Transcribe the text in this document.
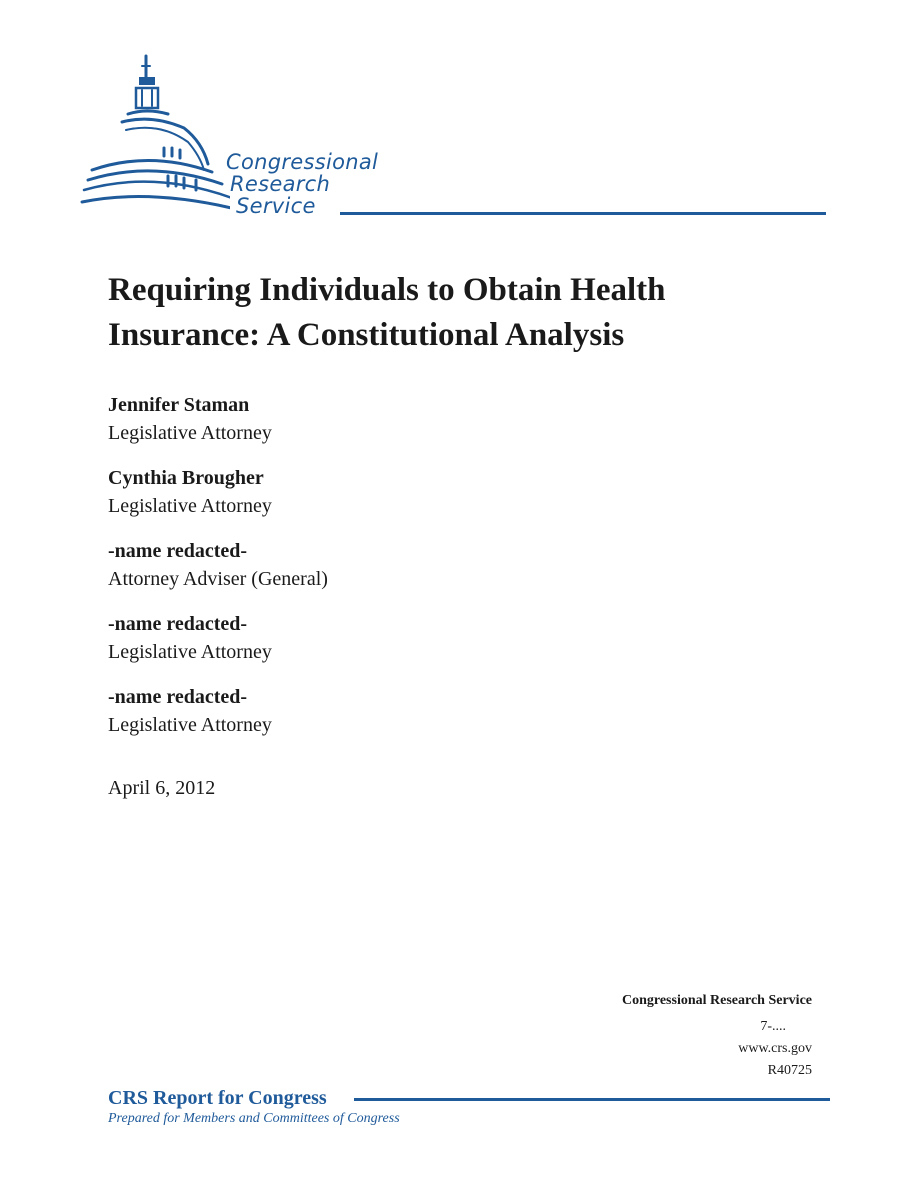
Congressional
Research
Service
Requiring Individuals to Obtain Health
Insurance: A Constitutional Analysis
Jennifer Staman
Legislative Attorney
Cynthia Brougher
Legislative Attorney
-name redacted-
Attorney Adviser (General)
-name redacted-
Legislative Attorney
-name redacted-
Legislative Attorney
April 6, 2012
Congressional Research Service
7-....
www.crs.gov
R40725
CRS Report for Congress
Prepared for Members and Committees of Congress
